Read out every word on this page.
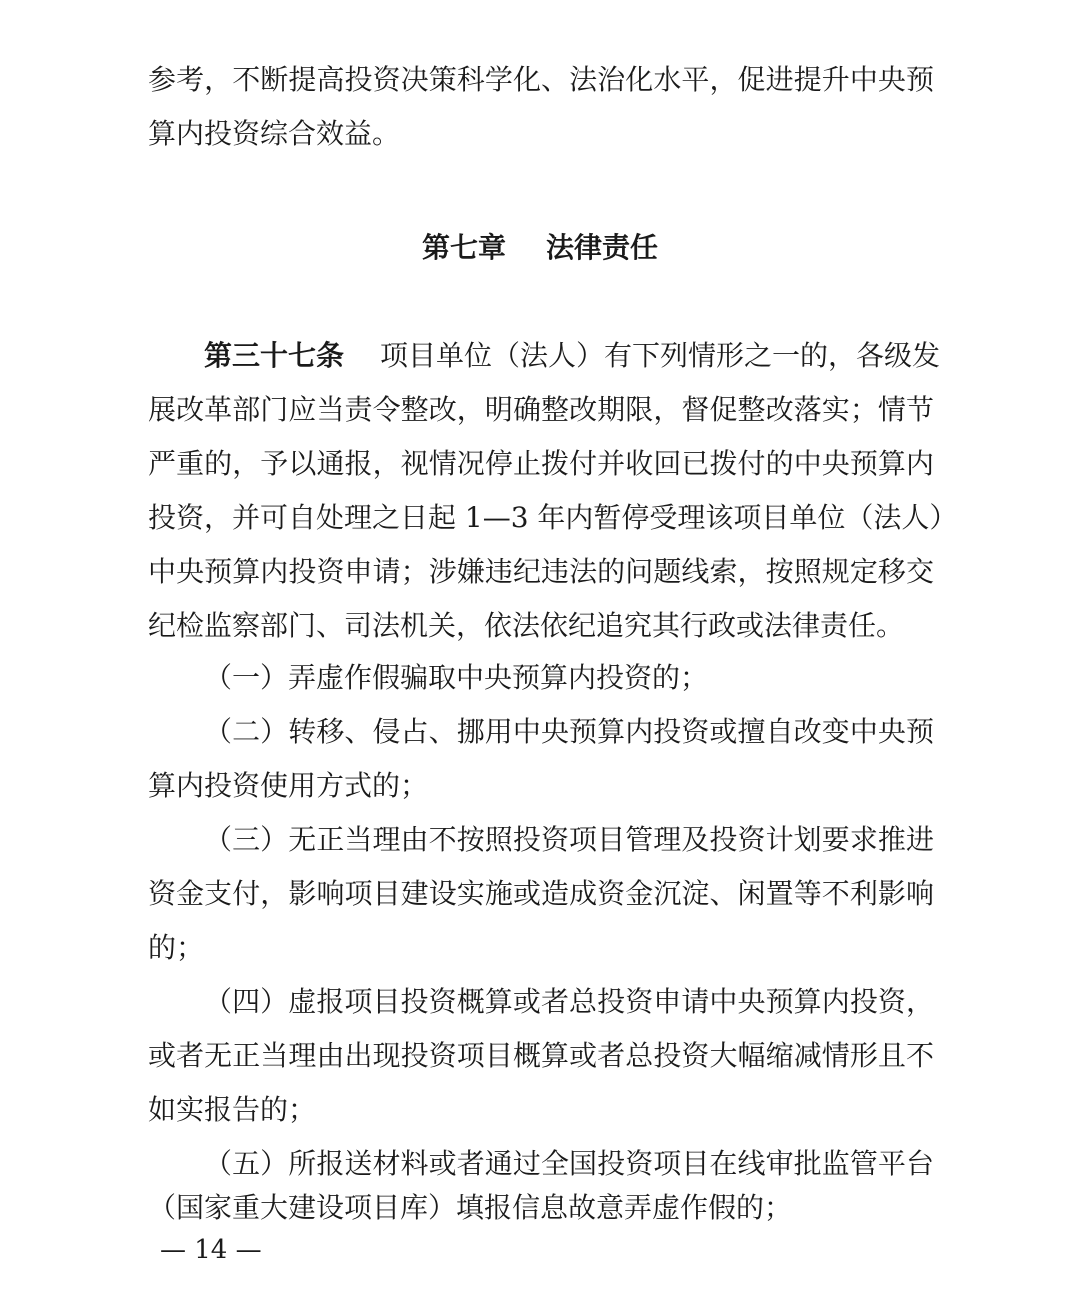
参考，不断提高投资决策科学化、法治化水平，促进提升中央预
算内投资综合效益。
第七章 法律责任
第三十七条 项目单位（法人）有下列情形之一的，各级发
展改革部门应当责令整改，明确整改期限，督促整改落实；情节
严重的，予以通报，视情况停止拨付并收回已拨付的中央预算内
投资，并可自处理之日起 1—3 年内暂停受理该项目单位（法人）
中央预算内投资申请；涉嫌违纪违法的问题线索，按照规定移交
纪检监察部门、司法机关，依法依纪追究其行政或法律责任。
（一）弄虚作假骗取中央预算内投资的；
（二）转移、侵占、挪用中央预算内投资或擅自改变中央预
算内投资使用方式的；
（三）无正当理由不按照投资项目管理及投资计划要求推进
资金支付，影响项目建设实施或造成资金沉淀、闲置等不利影响
的；
（四）虚报项目投资概算或者总投资申请中央预算内投资，
或者无正当理由出现投资项目概算或者总投资大幅缩减情形且不
如实报告的；
（五）所报送材料或者通过全国投资项目在线审批监管平台
（国家重大建设项目库）填报信息故意弄虚作假的；
— 14 —
